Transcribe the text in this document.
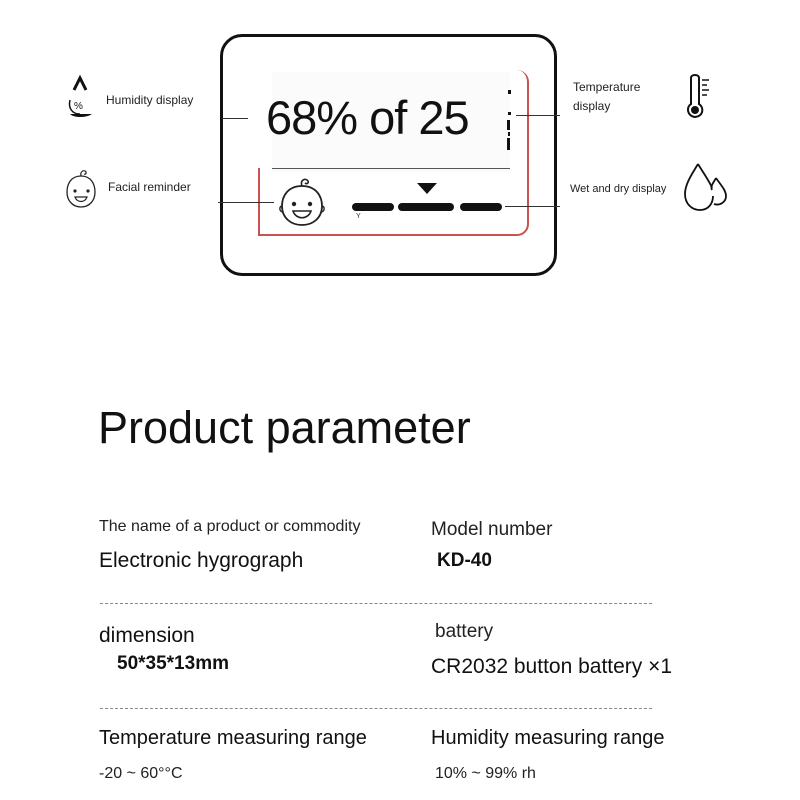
68% of 25
Y
% Humidity display
Facial reminder
Temperature
display
Wet and dry display
Product parameter
The name of a product or commodity
Electronic hygrograph
Model number
KD-40
dimension
50*35*13mm
battery
CR2032 button battery ×1
Temperature measuring range
-20 ~ 60°°C
Humidity measuring range
10% ~ 99% rh
